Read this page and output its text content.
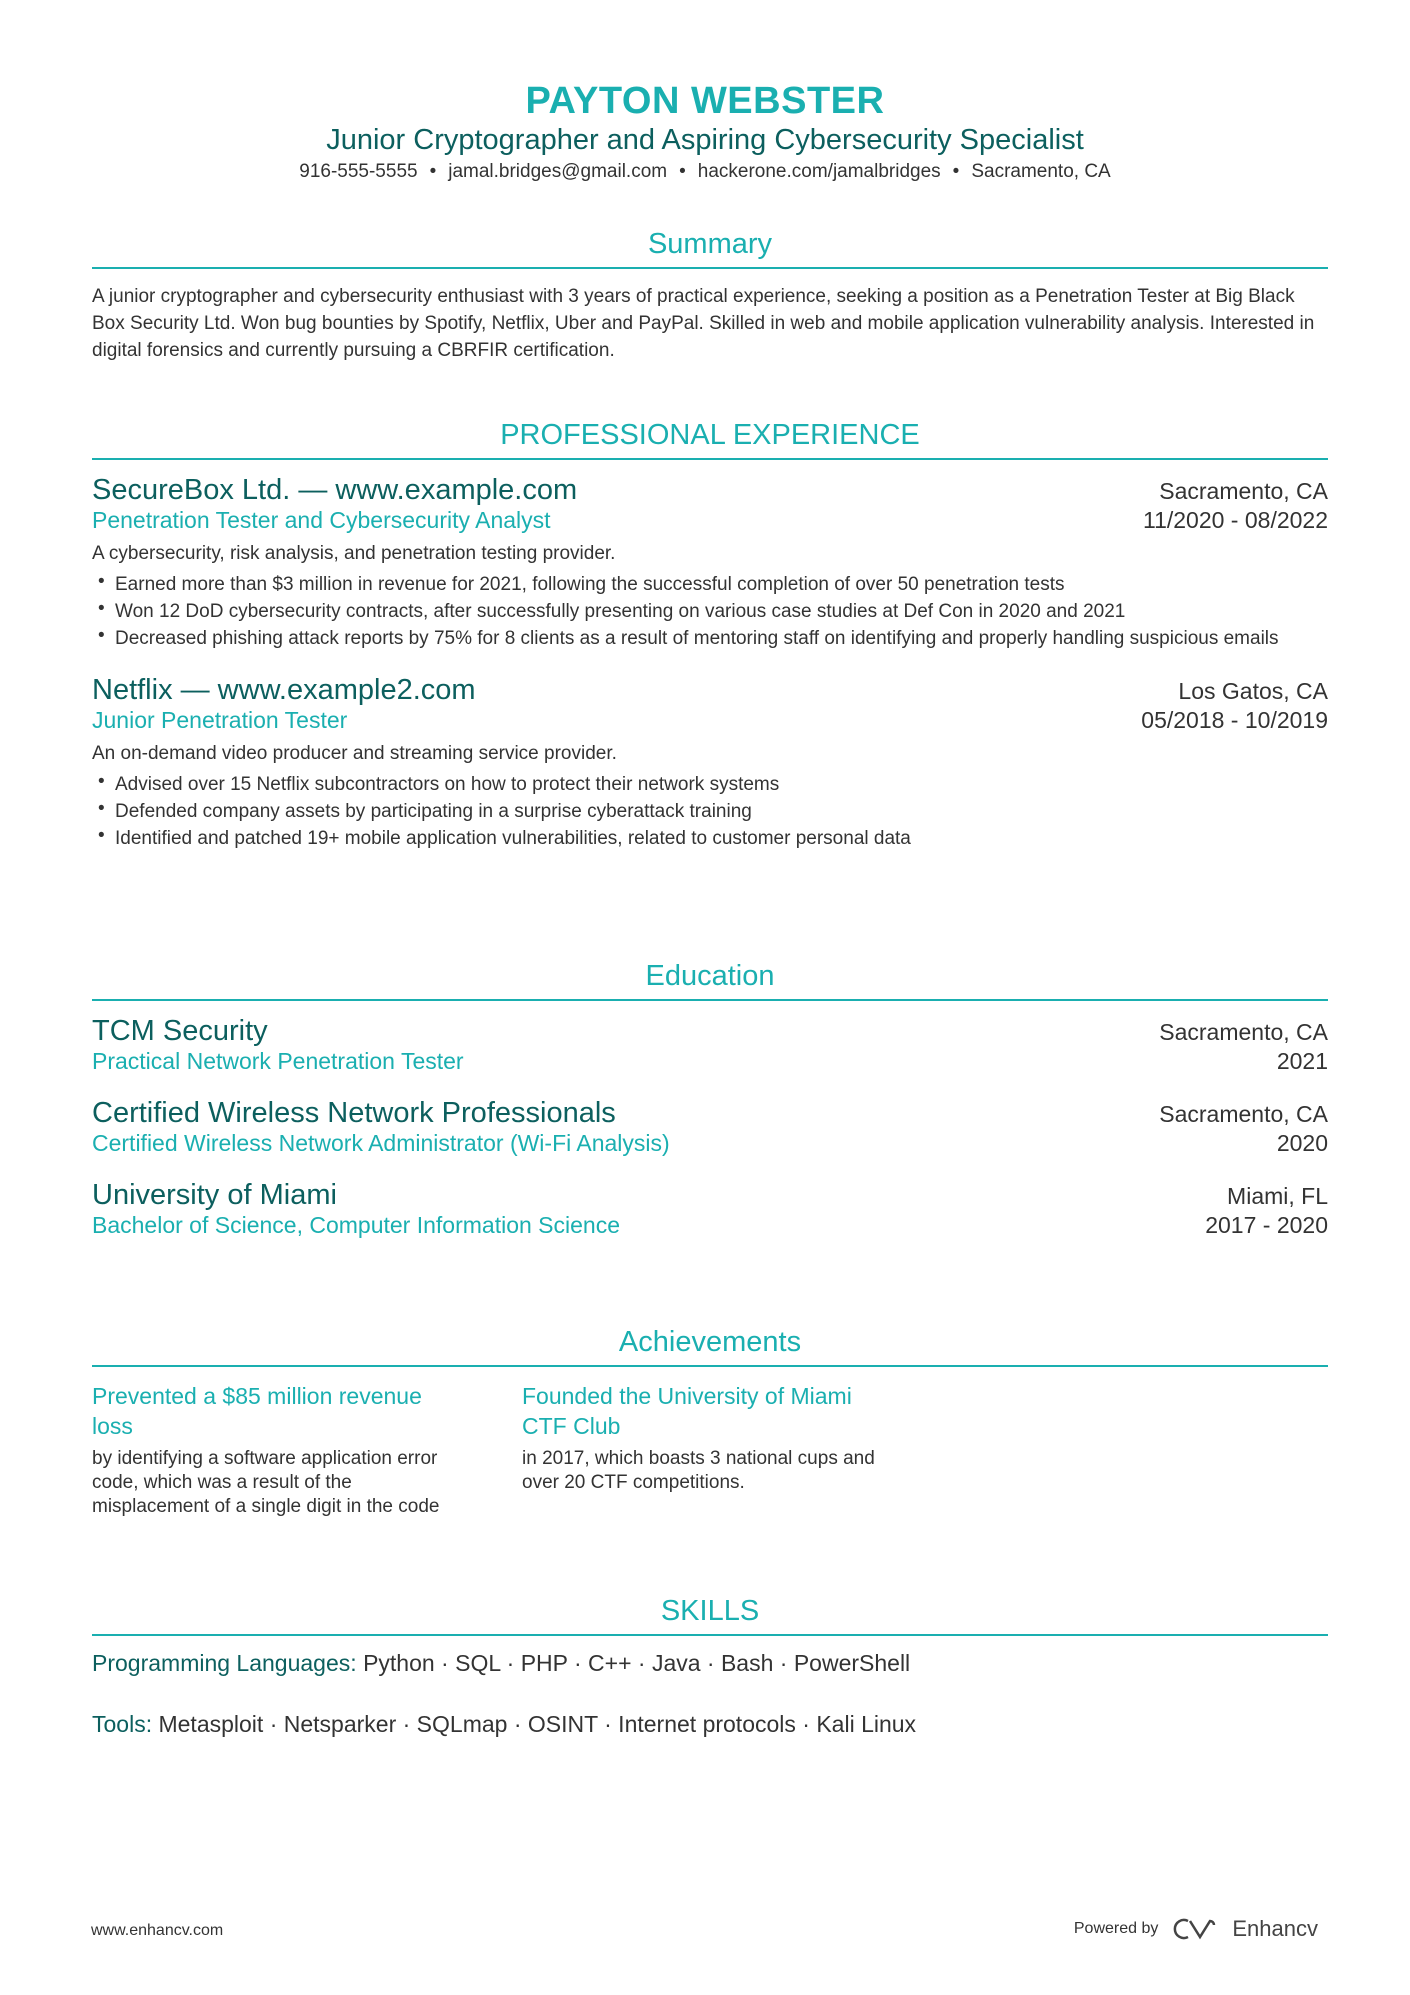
PAYTON WEBSTER
Junior Cryptographer and Aspiring Cybersecurity Specialist
916-555-5555 • jamal.bridges@gmail.com • hackerone.com/jamalbridges • Sacramento, CA
Summary
A junior cryptographer and cybersecurity enthusiast with 3 years of practical experience, seeking a position as a Penetration Tester at Big Black Box Security Ltd. Won bug bounties by Spotify, Netflix, Uber and PayPal. Skilled in web and mobile application vulnerability analysis. Interested in digital forensics and currently pursuing a CBRFIR certification.
PROFESSIONAL EXPERIENCE
SecureBox Ltd. — www.example.com	Sacramento, CA
Penetration Tester and Cybersecurity Analyst	11/2020 - 08/2022
A cybersecurity, risk analysis, and penetration testing provider.
• Earned more than $3 million in revenue for 2021, following the successful completion of over 50 penetration tests
• Won 12 DoD cybersecurity contracts, after successfully presenting on various case studies at Def Con in 2020 and 2021
• Decreased phishing attack reports by 75% for 8 clients as a result of mentoring staff on identifying and properly handling suspicious emails
Netflix — www.example2.com	Los Gatos, CA
Junior Penetration Tester	05/2018 - 10/2019
An on-demand video producer and streaming service provider.
• Advised over 15 Netflix subcontractors on how to protect their network systems
• Defended company assets by participating in a surprise cyberattack training
• Identified and patched 19+ mobile application vulnerabilities, related to customer personal data
Education
TCM Security	Sacramento, CA
Practical Network Penetration Tester	2021
Certified Wireless Network Professionals	Sacramento, CA
Certified Wireless Network Administrator (Wi-Fi Analysis)	2020
University of Miami	Miami, FL
Bachelor of Science, Computer Information Science	2017 - 2020
Achievements
Prevented a $85 million revenue loss
by identifying a software application error code, which was a result of the misplacement of a single digit in the code
Founded the University of Miami CTF Club
in 2017, which boasts 3 national cups and over 20 CTF competitions.
SKILLS
Programming Languages: Python · SQL · PHP · C++ · Java · Bash · PowerShell
Tools: Metasploit · Netsparker · SQLmap · OSINT · Internet protocols · Kali Linux
www.enhancv.com	Powered by	Enhancv
